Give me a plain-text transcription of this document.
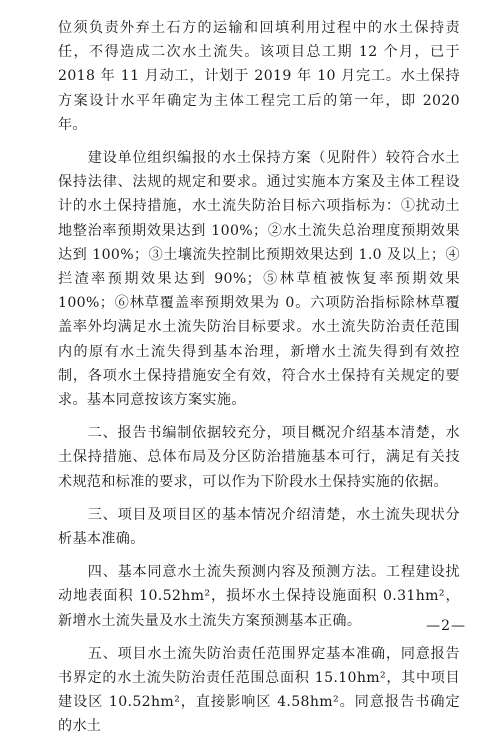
位须负责外弃土石方的运输和回填利用过程中的水土保持责任，不得造成二次水土流失。该项目总工期 12 个月，已于 2018 年 11 月动工，计划于 2019 年 10 月完工。水土保持方案设计水平年确定为主体工程完工后的第一年，即 2020 年。

　　建设单位组织编报的水土保持方案（见附件）较符合水土保持法律、法规的规定和要求。通过实施本方案及主体工程设计的水土保持措施，水土流失防治目标六项指标为：①扰动土地整治率预期效果达到 100%；②水土流失总治理度预期效果达到 100%；③土壤流失控制比预期效果达到 1.0 及以上；④拦渣率预期效果达到 90%；⑤林草植被恢复率预期效果 100%；⑥林草覆盖率预期效果为 0。六项防治指标除林草覆盖率外均满足水土流失防治目标要求。水土流失防治责任范围内的原有水土流失得到基本治理，新增水土流失得到有效控制，各项水土保持措施安全有效，符合水土保持有关规定的要求。基本同意按该方案实施。

　　二、报告书编制依据较充分，项目概况介绍基本清楚，水土保持措施、总体布局及分区防治措施基本可行，满足有关技术规范和标准的要求，可以作为下阶段水土保持实施的依据。

　　三、项目及项目区的基本情况介绍清楚，水土流失现状分析基本准确。

　　四、基本同意水土流失预测内容及预测方法。工程建设扰动地表面积 10.52hm²，损坏水土保持设施面积 0.31hm²，新增水土流失量及水土流失方案预测基本正确。

　　五、项目水土流失防治责任范围界定基本准确，同意报告书界定的水土流失防治责任范围总面积 15.10hm²，其中项目建设区 10.52hm²，直接影响区 4.58hm²。同意报告书确定的水土

—2—
